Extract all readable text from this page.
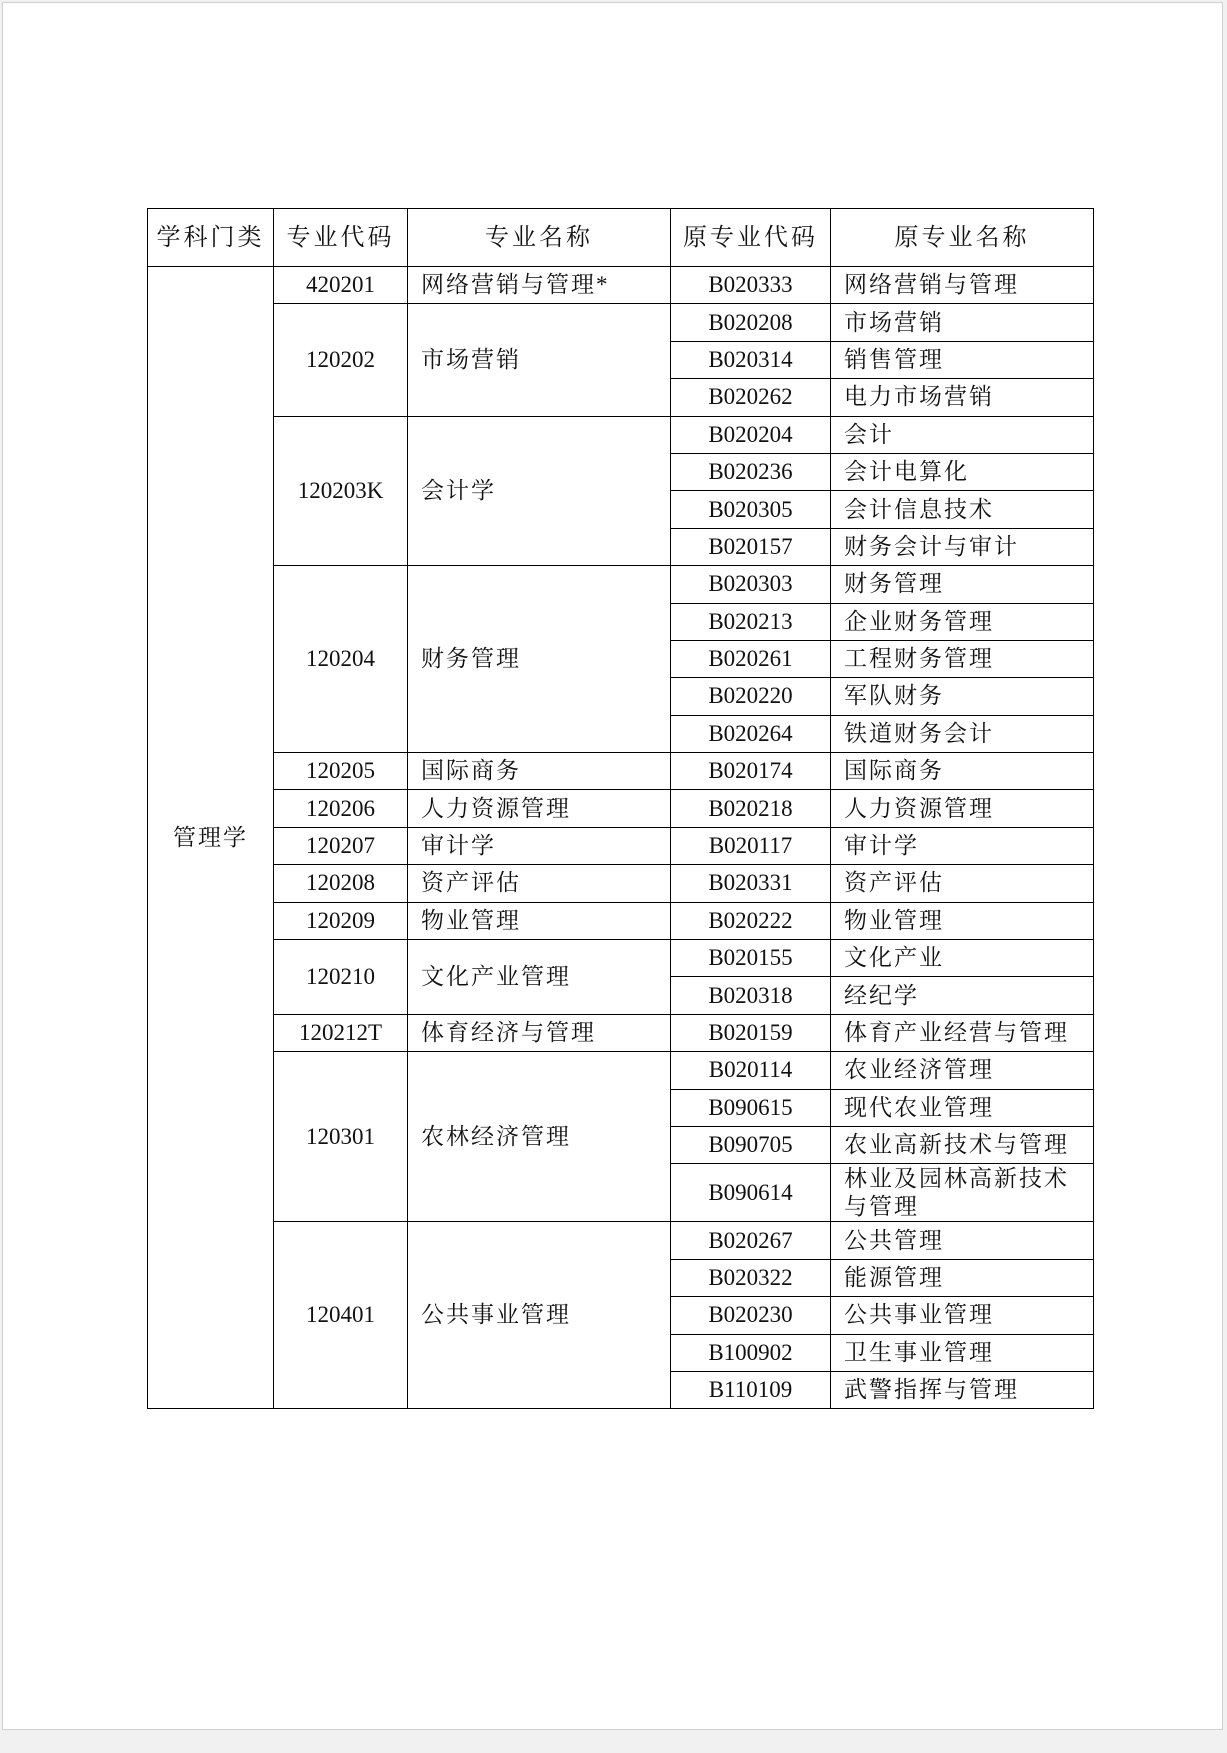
学科门类	专业代码	专业名称	原专业代码	原专业名称
管理学	420201	网络营销与管理*	B020333	网络营销与管理
	120202	市场营销	B020208	市场营销
			B020314	销售管理
			B020262	电力市场营销
	120203K	会计学	B020204	会计
			B020236	会计电算化
			B020305	会计信息技术
			B020157	财务会计与审计
	120204	财务管理	B020303	财务管理
			B020213	企业财务管理
			B020261	工程财务管理
			B020220	军队财务
			B020264	铁道财务会计
	120205	国际商务	B020174	国际商务
	120206	人力资源管理	B020218	人力资源管理
	120207	审计学	B020117	审计学
	120208	资产评估	B020331	资产评估
	120209	物业管理	B020222	物业管理
	120210	文化产业管理	B020155	文化产业
			B020318	经纪学
	120212T	体育经济与管理	B020159	体育产业经营与管理
	120301	农林经济管理	B020114	农业经济管理
			B090615	现代农业管理
			B090705	农业高新技术与管理
			B090614	林业及园林高新技术与管理
	120401	公共事业管理	B020267	公共管理
			B020322	能源管理
			B020230	公共事业管理
			B100902	卫生事业管理
			B110109	武警指挥与管理
